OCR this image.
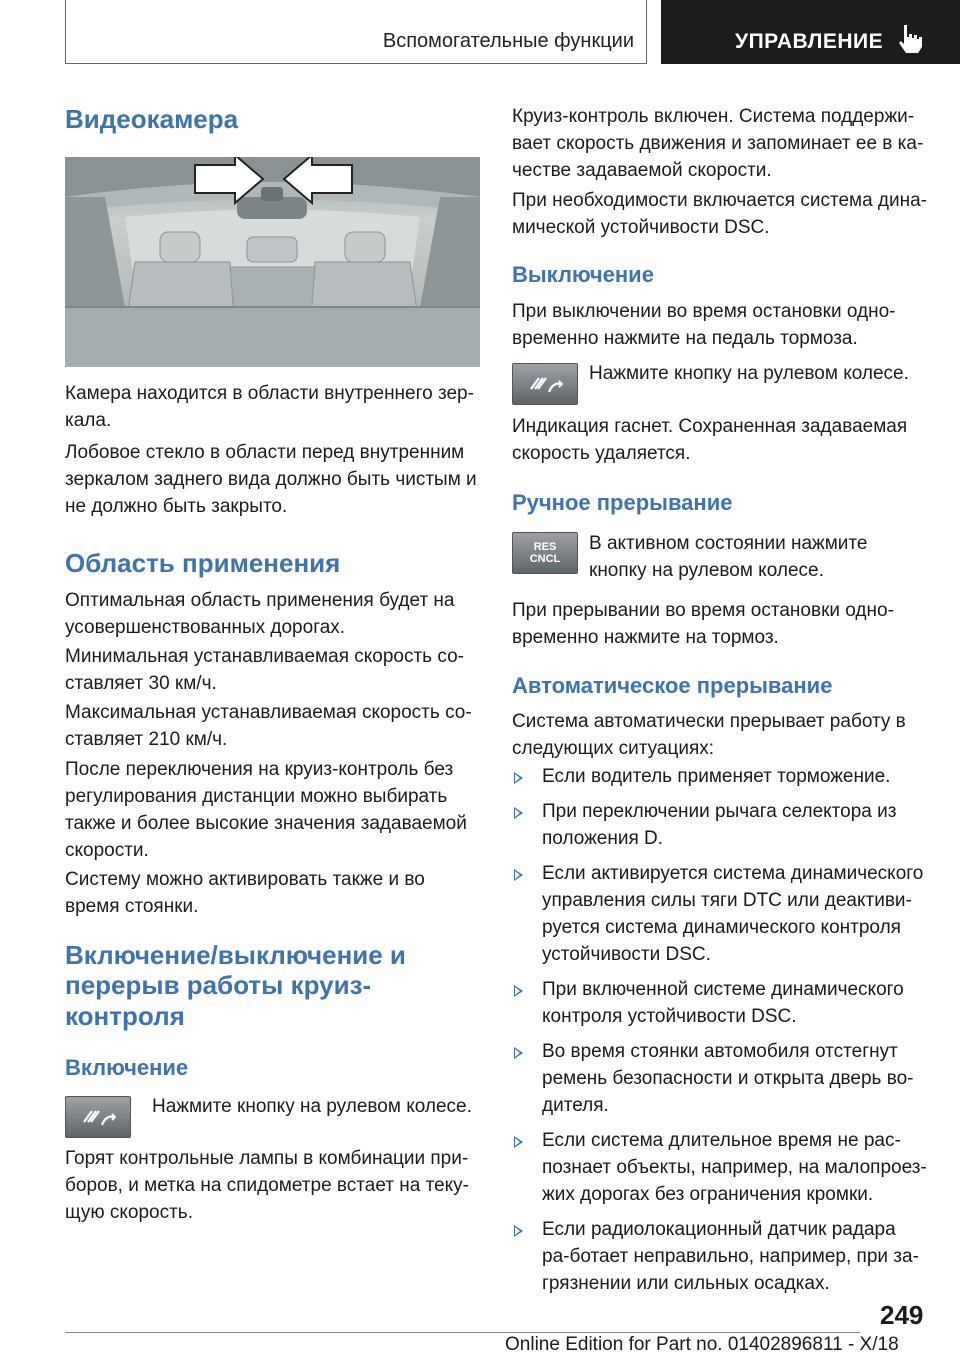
Вспомогательные функции	УПРАВЛЕНИЕ
Видеокамера

Камера находится в области внутреннего зер-кала.

Лобовое стекло в области перед внутренним зеркалом заднего вида должно быть чистым и не должно быть закрыто.

Область применения

Оптимальная область применения будет на усовершенствованных дорогах.

Минимальная устанавливаемая скорость со-ставляет 30 км/ч.

Максимальная устанавливаемая скорость со-ставляет 210 км/ч.

После переключения на круиз-контроль без регулирования дистанции можно выбирать также и более высокие значения задаваемой скорости.

Систему можно активировать также и во время стоянки.

Включение/выключение и
перерыв работы круиз-
контроля
Включение

Нажмите кнопку на рулевом колесе.

Горят контрольные лампы в комбинации при-боров, и метка на спидометре встает на теку-щую скорость.

Круиз-контроль включен. Система поддержи-вает скорость движения и запоминает ее в ка-честве задаваемой скорости.

При необходимости включается система дина-мической устойчивости DSC.

Выключение

При выключении во время остановки одно-временно нажмите на педаль тормоза.

Нажмите кнопку на рулевом колесе.

Индикация гаснет. Сохраненная задаваемая скорость удаляется.

Ручное прерывание
RES
CNCL

В активном состоянии нажмите кнопку на рулевом колесе.

При прерывании во время остановки одно-временно нажмите на тормоз.

Автоматическое прерывание

Система автоматически прерывает работу в следующих ситуациях:

Если водитель применяет торможение.
При переключении рычага селектора из положения D.
Если активируется система динамического управления силы тяги DTC или деактиви-руется система динамического контроля устойчивости DSC.
При включенной системе динамического контроля устойчивости DSC.
Во время стоянки автомобиля отстегнут ремень безопасности и открыта дверь во-дителя.
Если система длительное время не рас-познает объекты, например, на малопроез-жих дорогах без ограничения кромки.
Если радиолокационный датчик радара ра-ботает неправильно, например, при за-грязнении или сильных осадках.
249
Online Edition for Part no. 01402896811 - X/18
